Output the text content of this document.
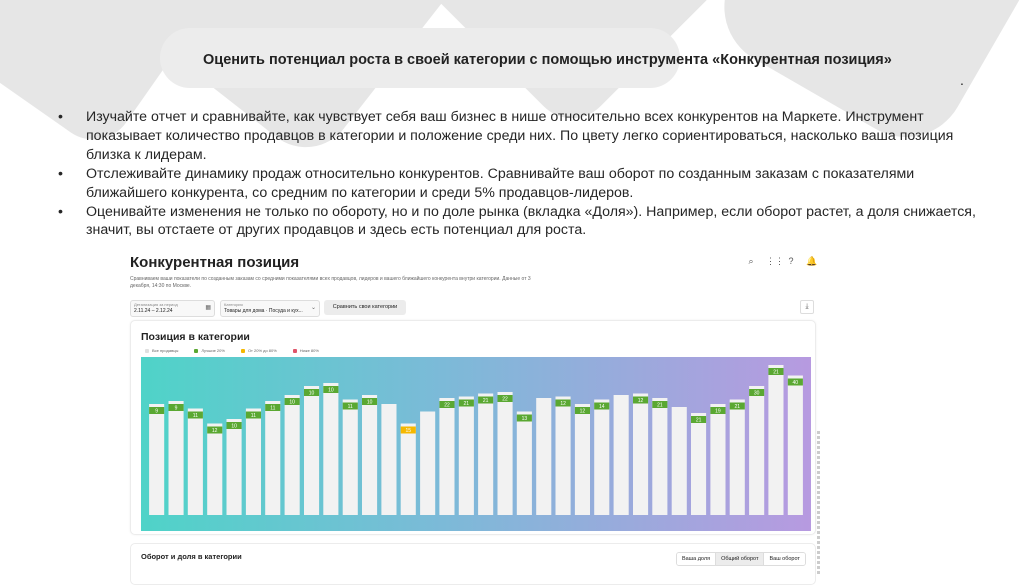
Оценить потенциал роста в своей категории с помощью инструмента «Конкурентная позиция»
.
• Изучайте отчет и сравнивайте, как чувствует себя ваш бизнес в нише относительно всех конкурентов на Маркете. Инструмент показывает количество продавцов в категории и положение среди них. По цвету легко сориентироваться, насколько ваша позиция близка к лидерам.
• Отслеживайте динамику продаж относительно конкурентов. Сравнивайте ваш оборот по созданным заказам с показателями ближайшего конкурента, со средним по категории и среди 5% продавцов-лидеров.
• Оценивайте изменения не только по обороту, но и по доле рынка (вкладка «Доля»). Например, если оборот растет, а доля снижается, значит, вы отстаете от других продавцов и здесь есть потенциал для роста.
Конкурентная позиция
Сравниваем ваши показатели по созданным заказам со средними показателями всех продавцов, лидеров и вашего ближайшего конкурента внутри категории. Данные от 3 декабря, 14:30 по Москве.
⌕ ⋮⋮ ? 🔔
Детализация за период
2.11.24 – 2.12.24	▦
Категория
Товары для дома · Посуда и кух... ⌄	Сравнить свои категории	⤓
Позиция в категории
Все продавцы	Лучшие 20%	От 20% до 80%	Ниже 80%
9	9
11
12
10
11
11
10
10	10
11
10
15
22	21	21	22
13
12
12
14
12
21
21
19
21
30
21
40
Оборот и доля в категории	Ваша доля	Общий оборот	Ваш оборот
